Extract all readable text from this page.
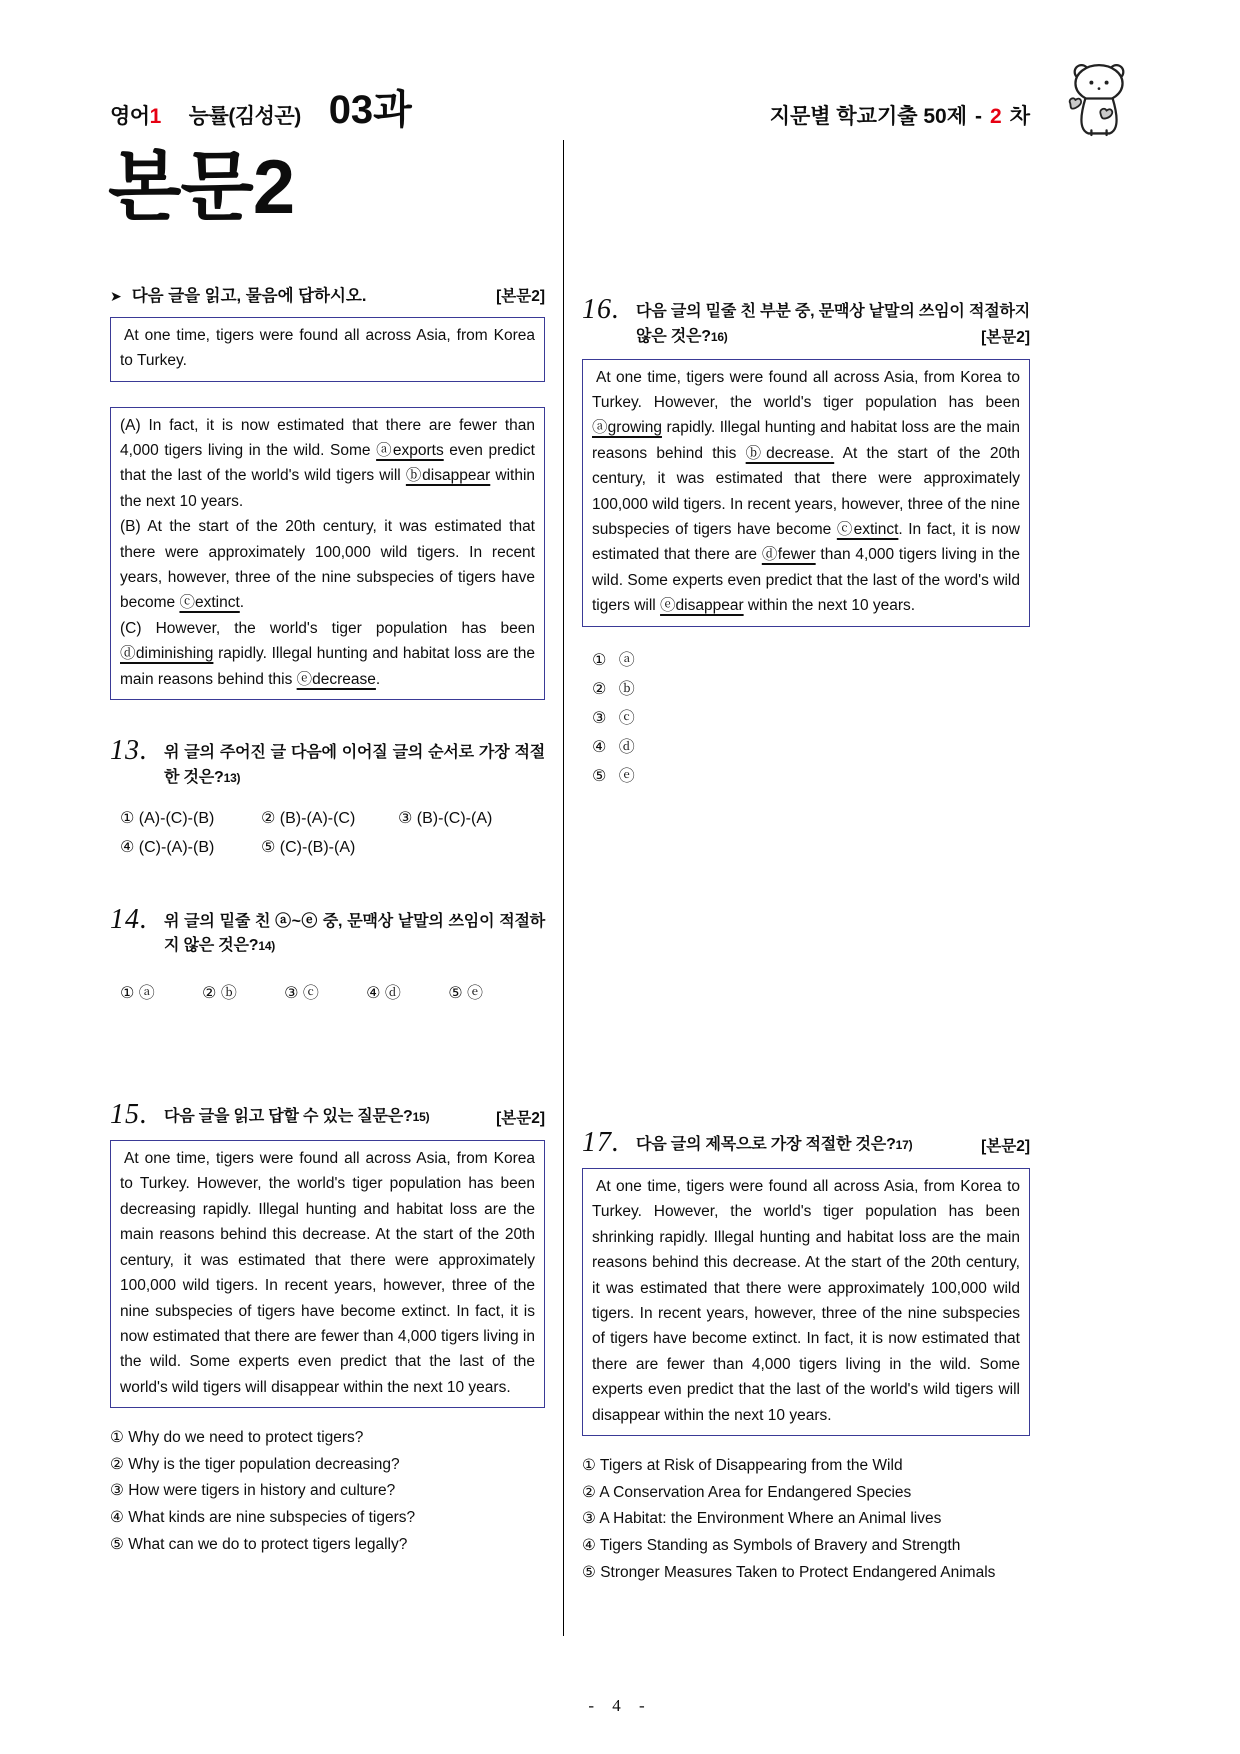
영어1 능률(김성곤) 03과	지문별 학교기출 50제 - 2 차
본문2
➤ 다음 글을 읽고, 물음에 답하시오.	[본문2]
At one time, tigers were found all across Asia, from Korea to Turkey.

(A) In fact, it is now estimated that there are fewer than 4,000 tigers living in the wild. Some ⓐexports even predict that the last of the world's wild tigers will ⓑdisappear within the next 10 years.

(B) At the start of the 20th century, it was estimated that there were approximately 100,000 wild tigers. In recent years, however, three of the nine subspecies of tigers have become ⓒextinct.

(C) However, the world's tiger population has been ⓓdiminishing rapidly. Illegal hunting and habitat loss are the main reasons behind this ⓔdecrease.

13.	위 글의 주어진 글 다음에 이어질 글의 순서로 가장 적절한 것은?13)
① (A)-(C)-(B)	② (B)-(A)-(C)	③ (B)-(C)-(A)
④ (C)-(A)-(B)	⑤ (C)-(B)-(A)
14.	위 글의 밑줄 친 ⓐ~ⓔ 중, 문맥상 낱말의 쓰임이 적절하지 않은 것은?14)
① ⓐ	② ⓑ	③ ⓒ	④ ⓓ	⑤ ⓔ
15.	다음 글을 읽고 답할 수 있는 질문은?15)	[본문2]
At one time, tigers were found all across Asia, from Korea to Turkey. However, the world's tiger population has been decreasing rapidly. Illegal hunting and habitat loss are the main reasons behind this decrease. At the start of the 20th century, it was estimated that there were approximately 100,000 wild tigers. In recent years, however, three of the nine subspecies of tigers have become extinct. In fact, it is now estimated that there are fewer than 4,000 tigers living in the wild. Some experts even predict that the last of the world's wild tigers will disappear within the next 10 years.
① Why do we need to protect tigers?
② Why is the tiger population decreasing?
③ How were tigers in history and culture?
④ What kinds are nine subspecies of tigers?
⑤ What can we do to protect tigers legally?
16.	다음 글의 밑줄 친 부분 중, 문맥상 낱말의 쓰임이 적절하지 않은 것은?16)	[본문2]
At one time, tigers were found all across Asia, from Korea to Turkey. However, the world's tiger population has been ⓐgrowing rapidly. Illegal hunting and habitat loss are the main reasons behind this ⓑdecrease. At the start of the 20th century, it was estimated that there were approximately 100,000 wild tigers. In recent years, however, three of the nine subspecies of tigers have become ⓒextinct. In fact, it is now estimated that there are ⓓfewer than 4,000 tigers living in the wild. Some experts even predict that the last of the word's wild tigers will ⓔdisappear within the next 10 years.
① ⓐ
② ⓑ
③ ⓒ
④ ⓓ
⑤ ⓔ
17.	다음 글의 제목으로 가장 적절한 것은?17)	[본문2]
At one time, tigers were found all across Asia, from Korea to Turkey. However, the world's tiger population has been shrinking rapidly. Illegal hunting and habitat loss are the main reasons behind this decrease. At the start of the 20th century, it was estimated that there were approximately 100,000 wild tigers. In recent years, however, three of the nine subspecies of tigers have become extinct. In fact, it is now estimated that there are fewer than 4,000 tigers living in the wild. Some experts even predict that the last of the world's wild tigers will disappear within the next 10 years.
① Tigers at Risk of Disappearing from the Wild
② A Conservation Area for Endangered Species
③ A Habitat: the Environment Where an Animal lives
④ Tigers Standing as Symbols of Bravery and Strength
⑤ Stronger Measures Taken to Protect Endangered Animals
- 4 -
